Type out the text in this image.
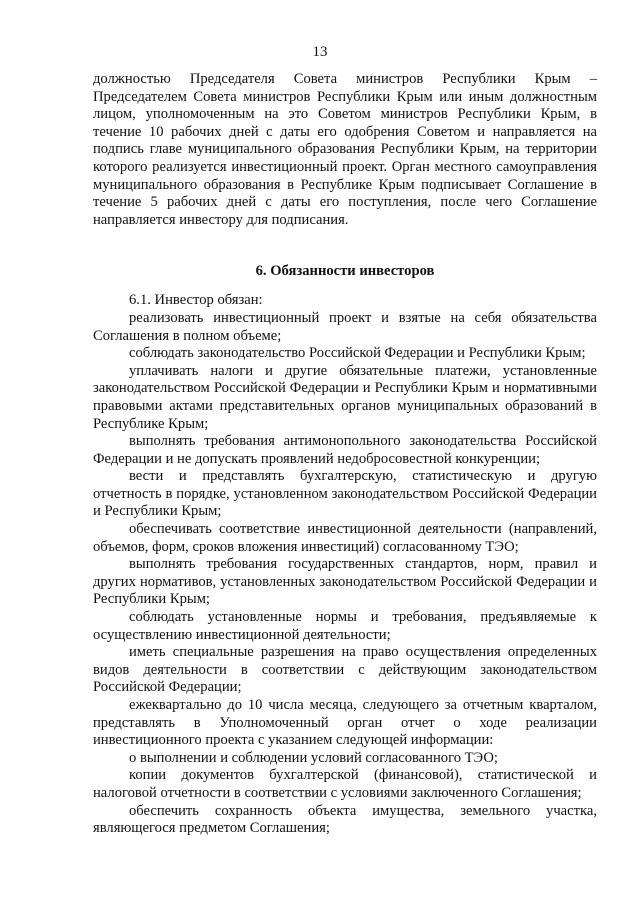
13

должностью Председателя Совета министров Республики Крым – Председателем Совета министров Республики Крым или иным должностным лицом, уполномоченным на это Советом министров Республики Крым, в течение 10 рабочих дней с даты его одобрения Советом и направляется на подпись главе муниципального образования Республики Крым, на территории которого реализуется инвестиционный проект. Орган местного самоуправления муниципального образования в Республике Крым подписывает Соглашение в течение 5 рабочих дней с даты его поступления, после чего Соглашение направляется инвестору для подписания.

6. Обязанности инвесторов

6.1. Инвестор обязан:

реализовать инвестиционный проект и взятые на себя обязательства Соглашения в полном объеме;

соблюдать законодательство Российской Федерации и Республики Крым;

уплачивать налоги и другие обязательные платежи, установленные законодательством Российской Федерации и Республики Крым и нормативными правовыми актами представительных органов муниципальных образований в Республике Крым;

выполнять требования антимонопольного законодательства Российской Федерации и не допускать проявлений недобросовестной конкуренции;

вести и представлять бухгалтерскую, статистическую и другую отчетность в порядке, установленном законодательством Российской Федерации и Республики Крым;

обеспечивать соответствие инвестиционной деятельности (направлений, объемов, форм, сроков вложения инвестиций) согласованному ТЭО;

выполнять требования государственных стандартов, норм, правил и других нормативов, установленных законодательством Российской Федерации и Республики Крым;

соблюдать установленные нормы и требования, предъявляемые к осуществлению инвестиционной деятельности;

иметь специальные разрешения на право осуществления определенных видов деятельности в соответствии с действующим законодательством Российской Федерации;

ежеквартально до 10 числа месяца, следующего за отчетным кварталом, представлять в Уполномоченный орган отчет о ходе реализации инвестиционного проекта с указанием следующей информации:

о выполнении и соблюдении условий согласованного ТЭО;

копии документов бухгалтерской (финансовой), статистической и налоговой отчетности в соответствии с условиями заключенного Соглашения;

обеспечить сохранность объекта имущества, земельного участка, являющегося предметом Соглашения;
